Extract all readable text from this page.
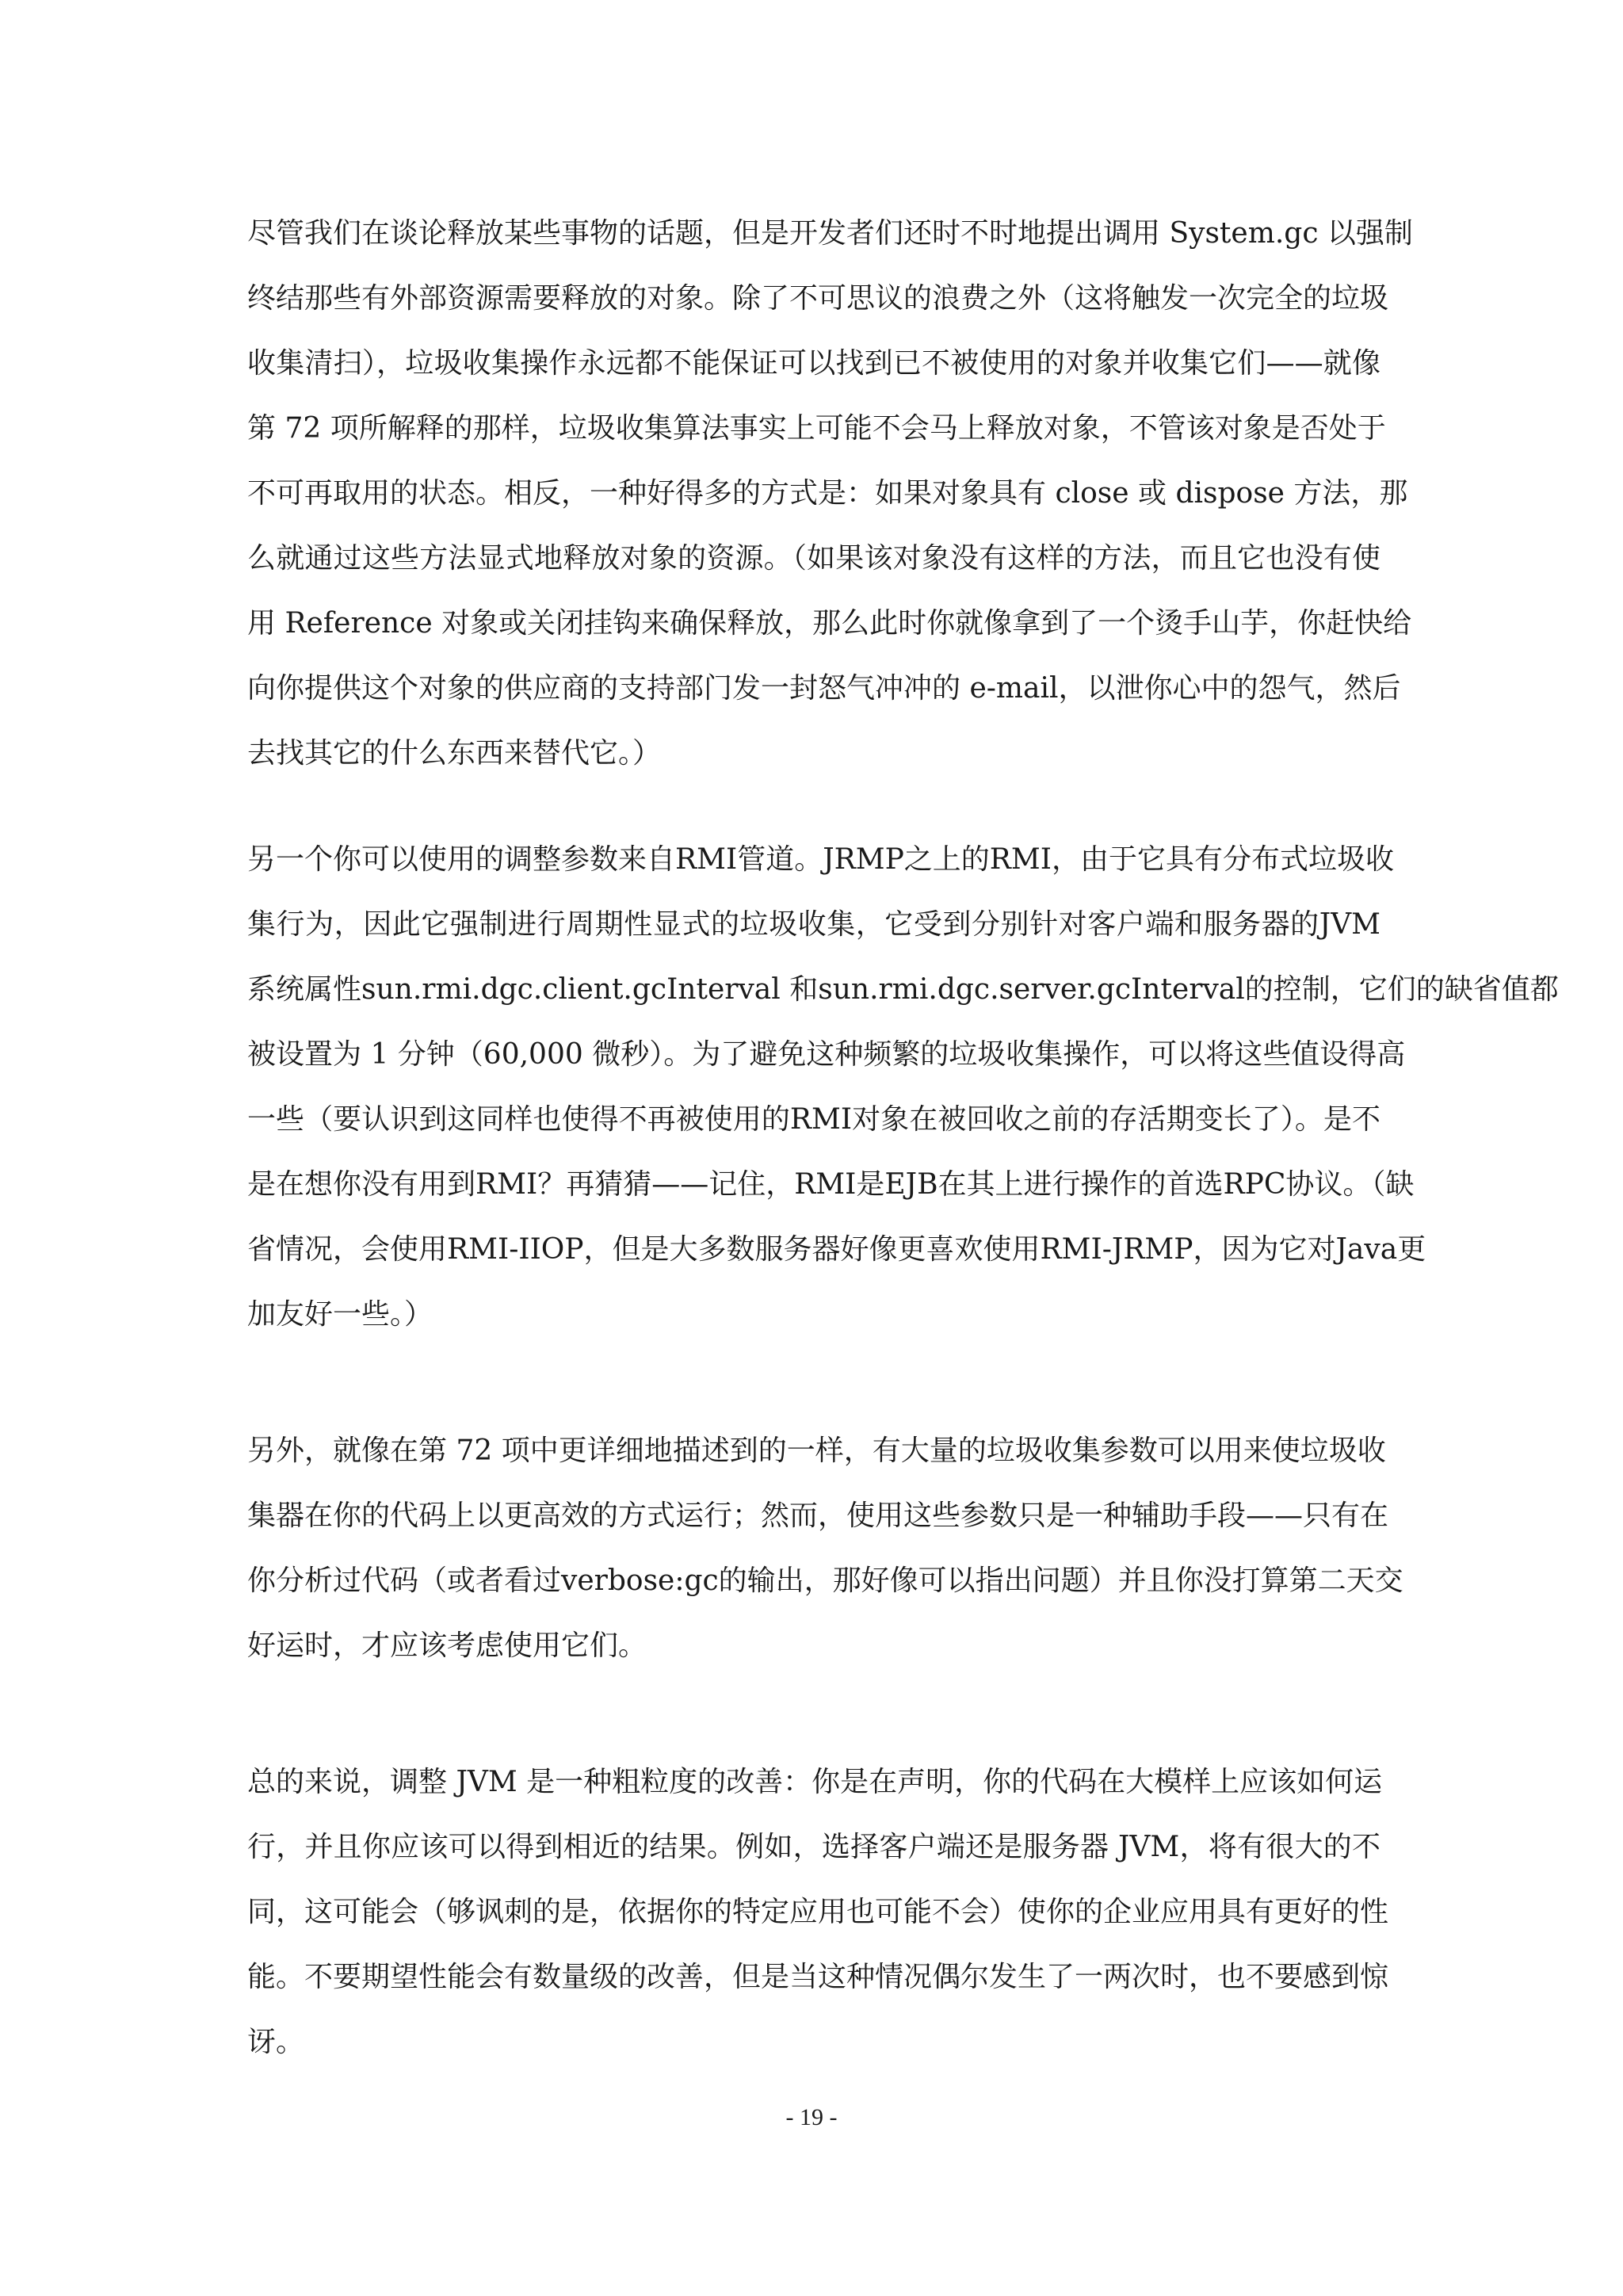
尽管我们在谈论释放某些事物的话题，但是开发者们还时不时地提出调用 System.gc 以强制
终结那些有外部资源需要释放的对象。除了不可思议的浪费之外（这将触发一次完全的垃圾
收集清扫），垃圾收集操作永远都不能保证可以找到已不被使用的对象并收集它们——就像
第 72 项所解释的那样，垃圾收集算法事实上可能不会马上释放对象，不管该对象是否处于
不可再取用的状态。相反，一种好得多的方式是：如果对象具有 close 或 dispose 方法，那
么就通过这些方法显式地释放对象的资源。（如果该对象没有这样的方法，而且它也没有使
用 Reference 对象或关闭挂钩来确保释放，那么此时你就像拿到了一个烫手山芋，你赶快给
向你提供这个对象的供应商的支持部门发一封怒气冲冲的 e-mail，以泄你心中的怨气，然后
去找其它的什么东西来替代它。）
另一个你可以使用的调整参数来自RMI管道。JRMP之上的RMI，由于它具有分布式垃圾收
集行为，因此它强制进行周期性显式的垃圾收集，它受到分别针对客户端和服务器的JVM
系统属性sun.rmi.dgc.client.gcInterval 和sun.rmi.dgc.server.gcInterval的控制，它们的缺省值都
被设置为 1 分钟（60,000 微秒）。为了避免这种频繁的垃圾收集操作，可以将这些值设得高
一些（要认识到这同样也使得不再被使用的RMI对象在被回收之前的存活期变长了）。是不
是在想你没有用到RMI？再猜猜——记住，RMI是EJB在其上进行操作的首选RPC协议。（缺
省情况，会使用RMI-IIOP，但是大多数服务器好像更喜欢使用RMI-JRMP，因为它对Java更
加友好一些。）
另外，就像在第 72 项中更详细地描述到的一样，有大量的垃圾收集参数可以用来使垃圾收
集器在你的代码上以更高效的方式运行；然而，使用这些参数只是一种辅助手段——只有在
你分析过代码（或者看过verbose:gc的输出，那好像可以指出问题）并且你没打算第二天交
好运时，才应该考虑使用它们。
总的来说，调整 JVM 是一种粗粒度的改善：你是在声明，你的代码在大模样上应该如何运
行，并且你应该可以得到相近的结果。例如，选择客户端还是服务器 JVM，将有很大的不
同，这可能会（够讽刺的是，依据你的特定应用也可能不会）使你的企业应用具有更好的性
能。不要期望性能会有数量级的改善，但是当这种情况偶尔发生了一两次时，也不要感到惊
讶。
- 19 -
